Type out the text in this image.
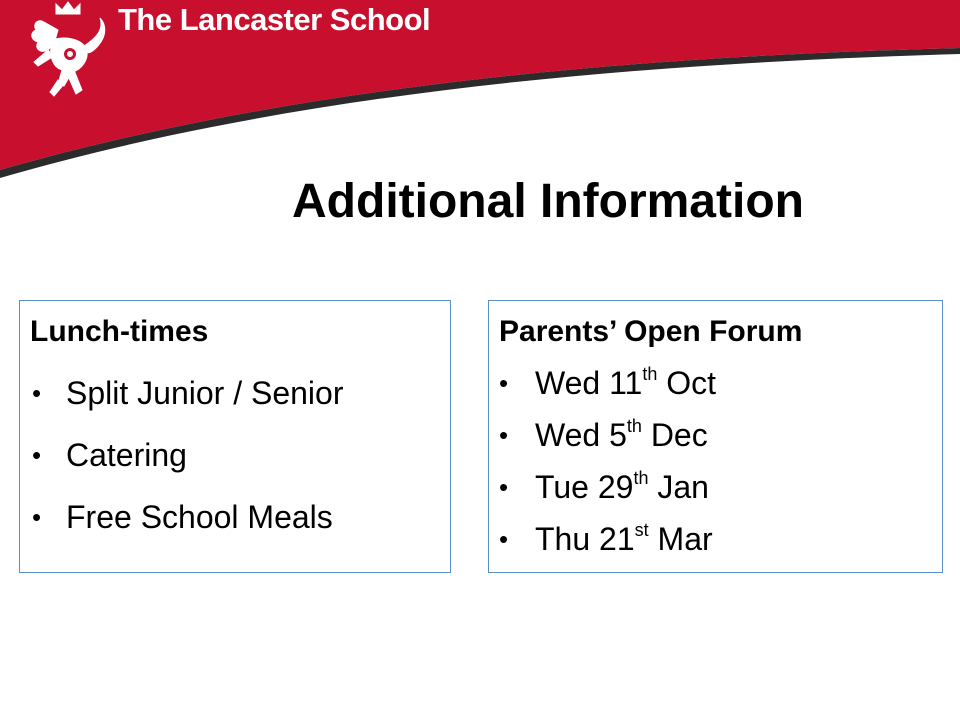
The Lancaster School
Additional Information
Lunch-times
• Split Junior / Senior
• Catering
• Free School Meals
Parents’ Open Forum
• Wed 11th Oct
• Wed 5th Dec
• Tue 29th Jan
• Thu 21st Mar
